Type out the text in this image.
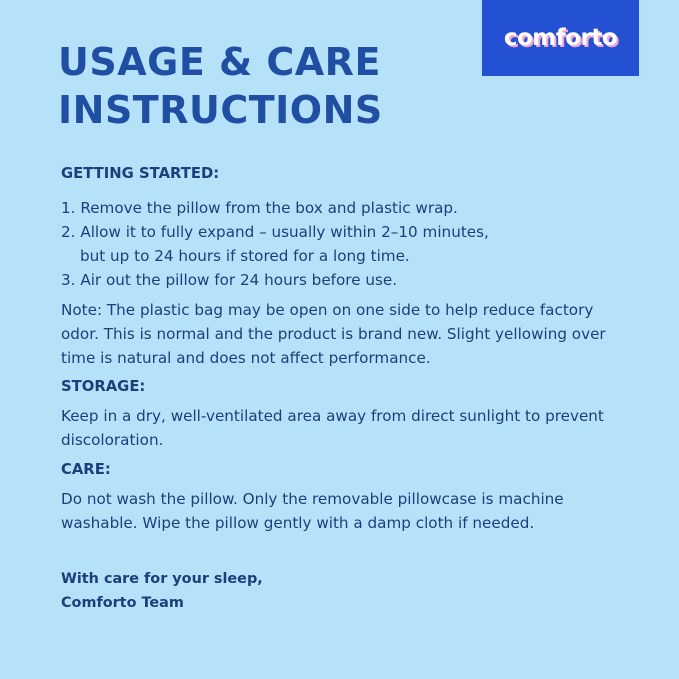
comforto
USAGE & CARE
INSTRUCTIONS

GETTING STARTED:

1. Remove the pillow from the box and plastic wrap.
2. Allow it to fully expand – usually within 2–10 minutes,
but up to 24 hours if stored for a long time.
3. Air out the pillow for 24 hours before use.

Note: The plastic bag may be open on one side to help reduce factory

odor. This is normal and the product is brand new. Slight yellowing over

time is natural and does not affect performance.

STORAGE:

Keep in a dry, well-ventilated area away from direct sunlight to prevent

discoloration.

CARE:

Do not wash the pillow. Only the removable pillowcase is machine

washable. Wipe the pillow gently with a damp cloth if needed.

With care for your sleep,

Comforto Team
